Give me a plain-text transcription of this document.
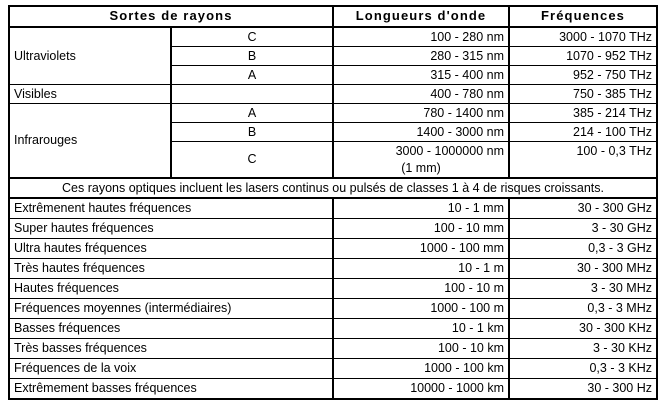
Sortes de rayons		Longueurs d'onde	Fréquences
Ultraviolets	C	100 - 280 nm	3000 - 1070 THz
	B	280 - 315 nm	1070 - 952 THz
	A	315 - 400 nm	952 - 750 THz
Visibles		400 - 780 nm	750 - 385 THz
Infrarouges	A	780 - 1400 nm	385 - 214 THz
	B	1400 - 3000 nm	214 - 100 THz
	C	3000 - 1000000 nm	100 - 0,3 THz
		(1 mm)	
Ces rayons optiques incluent les lasers continus ou pulsés de classes 1 à 4 de risques croissants.			
Extrêmenent hautes fréquences		10 - 1 mm	30 - 300 GHz
Super hautes fréquences		100 - 10 mm	3 - 30 GHz
Ultra hautes fréquences		1000 - 100 mm	0,3 - 3 GHz
Très hautes fréquences		10 - 1 m	30 - 300 MHz
Hautes fréquences		100 - 10 m	3 - 30 MHz
Fréquences moyennes (intermédiaires)		1000 - 100 m	0,3 - 3 MHz
Basses fréquences		10 - 1 km	30 - 300 KHz
Très basses fréquences		100 - 10 km	3 - 30 KHz
Fréquences de la voix		1000 - 100 km	0,3 - 3 KHz
Extrêmement basses fréquences		10000 - 1000 km	30 - 300 Hz
